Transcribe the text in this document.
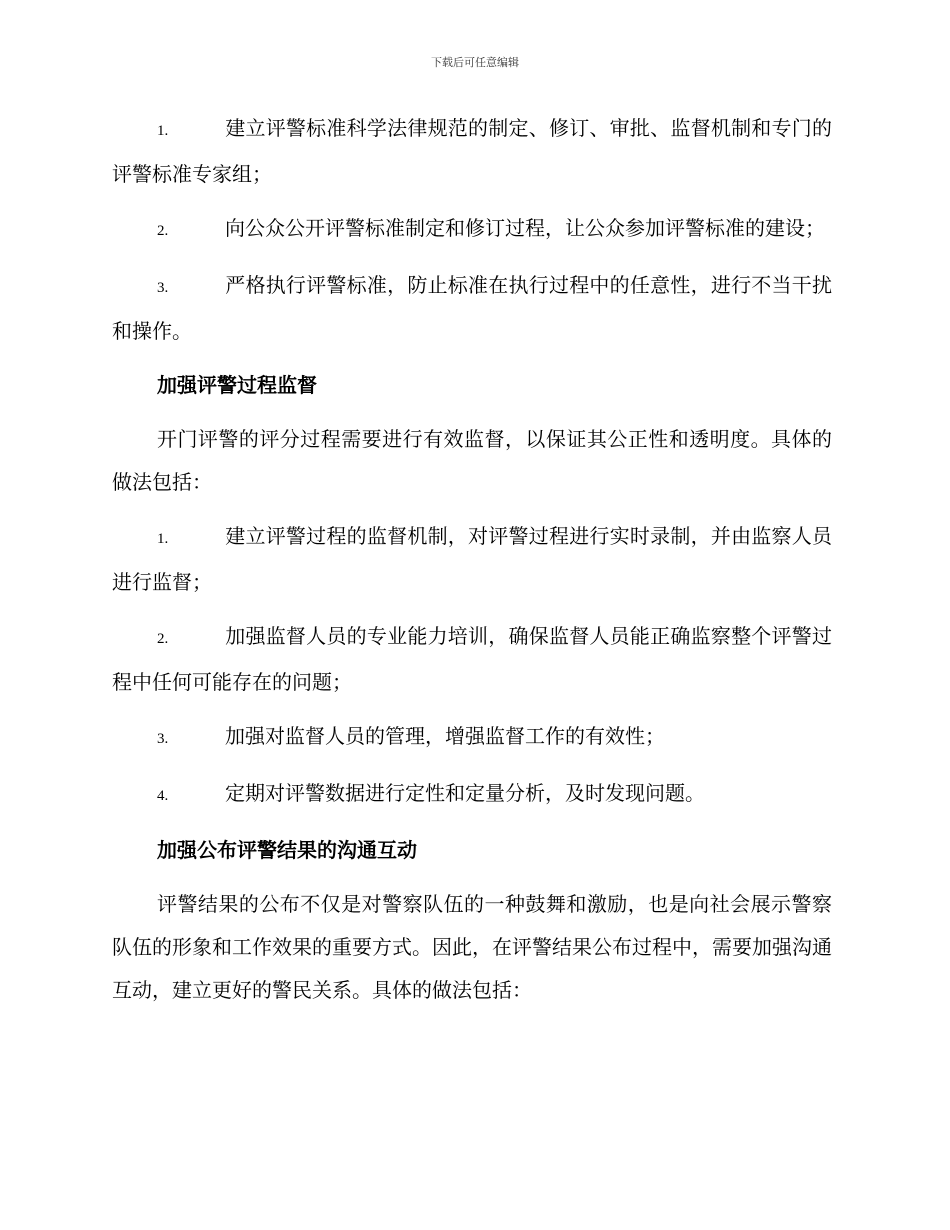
下载后可任意编辑

1.	建立评警标准科学法律规范的制定、修订、审批、监督机制和专门的评警标准专家组；

2.	向公众公开评警标准制定和修订过程，让公众参加评警标准的建设；

3.	严格执行评警标准，防止标准在执行过程中的任意性，进行不当干扰和操作。

加强评警过程监督

开门评警的评分过程需要进行有效监督，以保证其公正性和透明度。具体的做法包括：

1.	建立评警过程的监督机制，对评警过程进行实时录制，并由监察人员进行监督；

2.	加强监督人员的专业能力培训，确保监督人员能正确监察整个评警过程中任何可能存在的问题；

3.	加强对监督人员的管理，增强监督工作的有效性；

4.	定期对评警数据进行定性和定量分析，及时发现问题。

加强公布评警结果的沟通互动

评警结果的公布不仅是对警察队伍的一种鼓舞和激励，也是向社会展示警察队伍的形象和工作效果的重要方式。因此，在评警结果公布过程中，需要加强沟通互动，建立更好的警民关系。具体的做法包括：
